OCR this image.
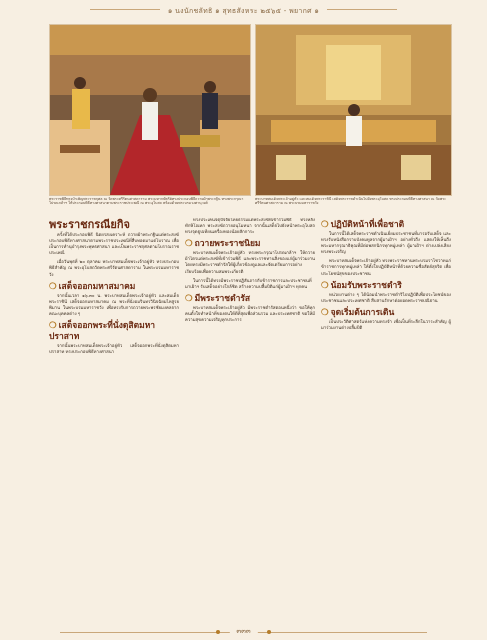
๑ นงนักชลัทธิ ๑ สุทธสังหระ ๒๕๖๕ - พยากศ ๑
พระราชพิธีทรงบำเพ็ญพระราชกุศล ณ วัดพระศรีรัตนศาสดาราม พระมหากษัตริย์ทรงประกอบพิธีถวายผ้าพระกฐิน ทรงพระกรุณาโปรดเกล้าฯ ให้ประกอบพิธีทางศาสนาตามพระราชประเพณี ณ พระอุโบสถ พร้อมด้วยพระบรมวงศานุวงศ์
พระบาทสมเด็จพระเจ้าอยู่หัว และสมเด็จพระราชินี เสด็จพระราชดำเนินไปยังพระอุโบสถ ทรงประกอบพิธีทางศาสนา ณ วัดพระศรีรัตนศาสดาราม ณ พระบรมมหาราชวัง
พระราชกรณียกิจ

ครั้งที่ได้ประกอบพิธี นิตยรสงเคราะห์ ถวายผ้าพระกฐินแด่พระสงฆ์ ประกอบพิธีทางศาสนาตามพระราชประเพณีที่สืบทอดมาแต่โบราณ เพื่อเป็นการทำนุบำรุงพระพุทธศาสนา และเป็นพระราชกุศลตามโบราณราชประเพณี

เมื่อวันพุธที่ ๒๐ ตุลาคม พระบาทสมเด็จพระเจ้าอยู่หัว ทรงประกอบพิธีสำคัญ ณ พระอุโบสถวัดพระศรีรัตนศาสดาราม ในพระบรมมหาราชวัง

❍ เสด็จออกมหาสมาคม

จากนั้นเวลา ๑๖.๓๐ น. พระบาทสมเด็จพระเจ้าอยู่หัว และสมเด็จพระราชินี เสด็จออกมหาสมาคม ณ พระที่นั่งอมรินทรวินิจฉัยมไหสูรยพิมาน ในพระบรมมหาราชวัง เพื่อทรงรับการถวายพระพรชัยมงคลจากคณะบุคคลต่าง ๆ

❍ เสด็จออกพระที่นั่งดุสิตมหาปราสาท

จากนั้นพระบาทสมเด็จพระเจ้าอยู่หัว เสด็จออกพระที่นั่งดุสิตมหาปราสาท ทรงประกอบพิธีทางศาสนา

ทรงประเคนจตุปัจจัยไทยธรรมแด่พระสงฆ์ที่เข้าร่วมพิธี ทรงหลั่งทักษิโณทก พระสงฆ์ถวายอนุโมทนา จากนั้นเสด็จไปยังหน้าพระอุโบสถ ทรงจุดธูปเทียนเครื่องทองน้อยสักการะ

❍ ถวายพระราชนิยม

พระบาทสมเด็จพระเจ้าอยู่หัว ทรงพระกรุณาโปรดเกล้าฯ ให้ถวายผ้าไตรแด่พระสงฆ์ที่เข้าร่วมพิธี และพระราชทานสิ่งของแก่ผู้มาร่วมงาน โดยทรงมีพระราชดำรัสให้ผู้เกี่ยวข้องดูแลและจัดเตรียมการอย่างเรียบร้อยเพื่อความสมพระเกียรติ

ในการนี้ได้ทรงมีพระราชปฏิสันถารกับข้าราชการและประชาชนที่มาเฝ้าฯ รับเสด็จอย่างใกล้ชิด สร้างความปลื้มปีติแก่ผู้มาเฝ้าฯ ทุกคน

❍ มีพระราชดำรัส

พระบาทสมเด็จพระเจ้าอยู่หัว มีพระราชดำรัสตอนหนึ่งว่า ขอให้ทุกคนตั้งใจทำหน้าที่ของตนให้ดีที่สุดเพื่อส่วนรวม และประเทศชาติ ขอให้มีความสุขความเจริญทุกประการ

❍ ปฏิบัติหน้าที่เพื่อชาติ

ในการนี้ได้เสด็จพระราชดำเนินเยี่ยมประชาชนที่มารอรับเสด็จ และทรงรับหนังสือกราบบังคมทูลจากผู้มาเฝ้าฯ อย่างทั่วถึง แสดงให้เห็นถึงพระมหากรุณาธิคุณที่มีต่อพสกนิกรทุกหมู่เหล่า ผู้มาเฝ้าฯ ต่างเปล่งเสียงทรงพระเจริญ

พระบาทสมเด็จพระเจ้าอยู่หัว ทรงพระราชทานพระบรมราโชวาทแก่ข้าราชการทุกหมู่เหล่า ให้ตั้งใจปฏิบัติหน้าที่ด้วยความซื่อสัตย์สุจริต เพื่อประโยชน์สุขของประชาชน

❍ น้อมรับพระราชดำริ

หน่วยงานต่าง ๆ ได้น้อมนำพระราชดำริไปปฏิบัติเพื่อประโยชน์ของประชาชนและประเทศชาติ สืบสานรักษาต่อยอดพระราชปณิธาน

❍ จุดเริ่มต้นการเดิน

เป็นประวัติศาสตร์แห่งความทรงจำ เพื่อเป็นที่ระลึกในวาระสำคัญ ผู้มาร่วมงานต่างปลื้มปีติ

๓๓๓
